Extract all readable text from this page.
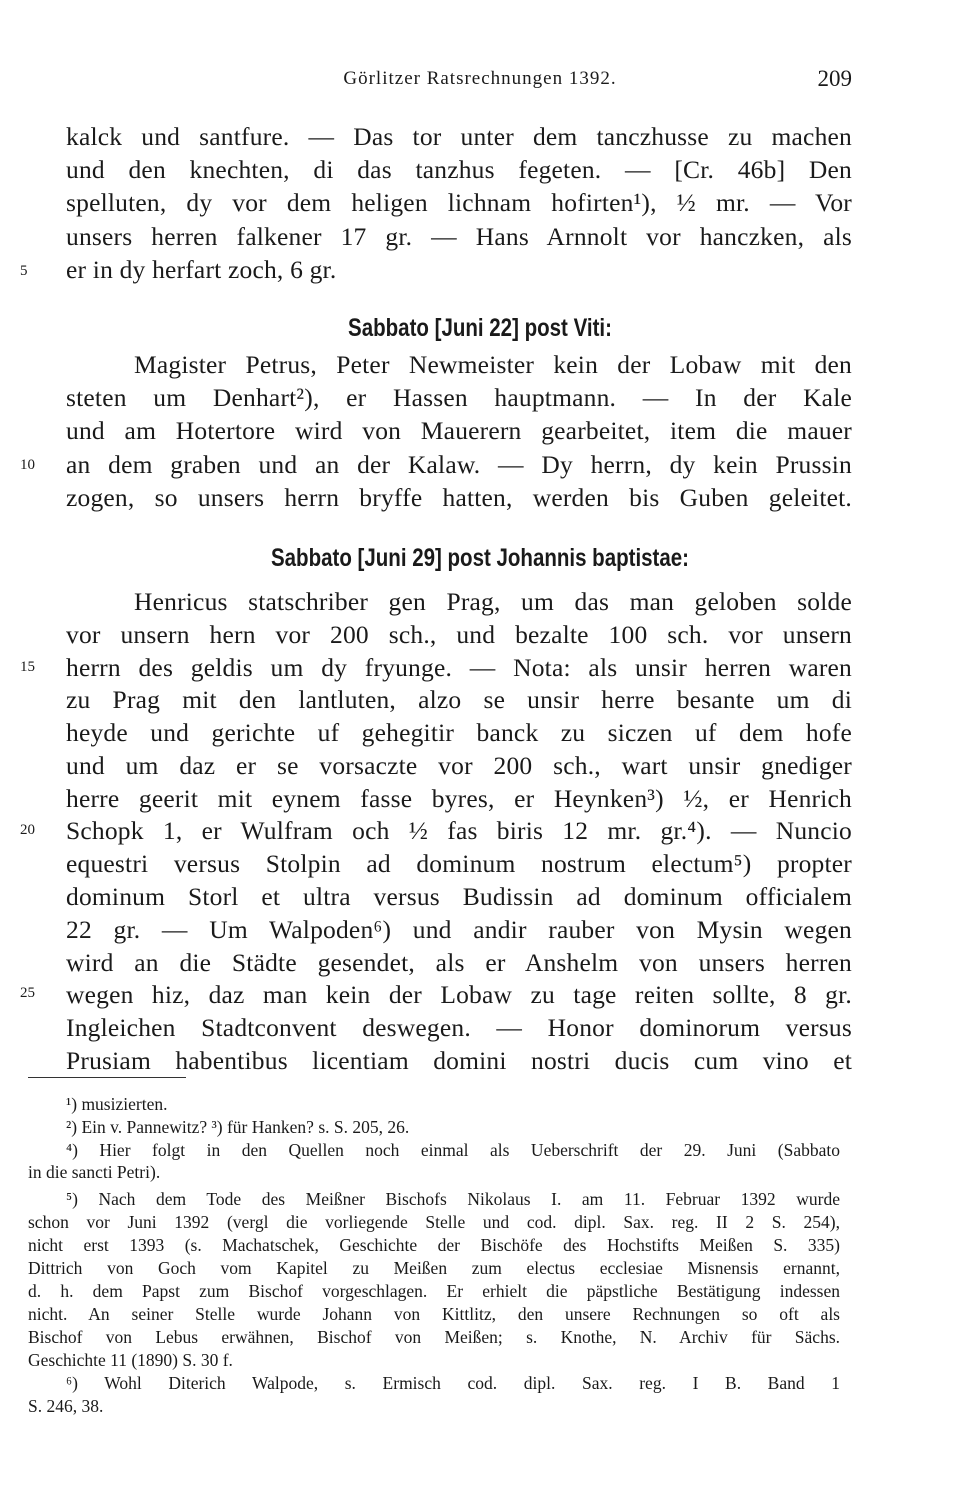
Görlitzer Ratsrechnungen 1392.	209
kalck und santfure. — Das tor unter dem tanczhusse zu machen
und den knechten, di das tanzhus fegeten. — [Cr. 46b] Den
spelluten, dy vor dem heligen lichnam hofirten¹), ½ mr. — Vor
unsers herren falkener 17 gr. — Hans Arnnolt vor hanczken, als
er in dy herfart zoch, 6 gr.
5
Sabbato [Juni 22] post Viti:
Magister Petrus, Peter Newmeister kein der Lobaw mit den
steten um Denhart²), er Hassen hauptmann. — In der Kale
und am Hotertore wird von Mauerern gearbeitet, item die mauer
an dem graben und an der Kalaw. — Dy herrn, dy kein Prussin
10
zogen, so unsers herrn bryffe hatten, werden bis Guben geleitet.
Sabbato [Juni 29] post Johannis baptistae:
Henricus statschriber gen Prag, um das man geloben solde
vor unsern hern vor 200 sch., und bezalte 100 sch. vor unsern
herrn des geldis um dy fryunge. — Nota: als unsir herren waren
15
zu Prag mit den lantluten, alzo se unsir herre besante um di
heyde und gerichte uf gehegitir banck zu siczen uf dem hofe
und um daz er se vorsaczte vor 200 sch., wart unsir gnediger
herre geerit mit eynem fasse byres, er Heynken³) ½, er Henrich
Schopk 1, er Wulfram och ½ fas biris 12 mr. gr.⁴). — Nuncio
20
equestri versus Stolpin ad dominum nostrum electum⁵) propter
dominum Storl et ultra versus Budissin ad dominum officialem
22 gr. — Um Walpoden⁶) und andir rauber von Mysin wegen
wird an die Städte gesendet, als er Anshelm von unsers herren
wegen hiz, daz man kein der Lobaw zu tage reiten sollte, 8 gr.
25
Ingleichen Stadtconvent deswegen. — Honor dominorum versus
Prusiam habentibus licentiam domini nostri ducis cum vino et
¹) musizierten.
²) Ein v. Pannewitz? ³) für Hanken? s. S. 205, 26.
⁴) Hier folgt in den Quellen noch einmal als Ueberschrift der 29. Juni (Sabbato
in die sancti Petri).
⁵) Nach dem Tode des Meißner Bischofs Nikolaus I. am 11. Februar 1392 wurde
schon vor Juni 1392 (vergl die vorliegende Stelle und cod. dipl. Sax. reg. II 2 S. 254),
nicht erst 1393 (s. Machatschek, Geschichte der Bischöfe des Hochstifts Meißen S. 335)
Dittrich von Goch vom Kapitel zu Meißen zum electus ecclesiae Misnensis ernannt,
d. h. dem Papst zum Bischof vorgeschlagen. Er erhielt die päpstliche Bestätigung indessen
nicht. An seiner Stelle wurde Johann von Kittlitz, den unsere Rechnungen so oft als
Bischof von Lebus erwähnen, Bischof von Meißen; s. Knothe, N. Archiv für Sächs.
Geschichte 11 (1890) S. 30 f.
⁶) Wohl Diterich Walpode, s. Ermisch cod. dipl. Sax. reg. I B. Band 1
S. 246, 38.
